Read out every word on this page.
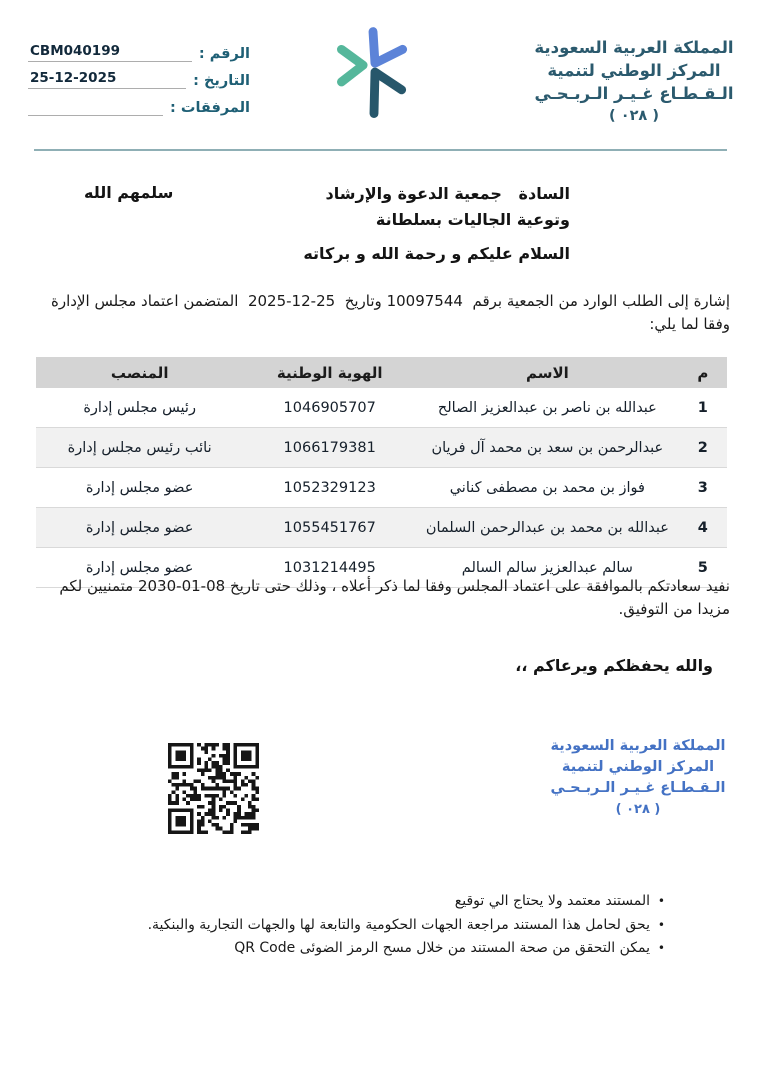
المملكة العربية السعودية
المركز الوطني لتنمية
الـقـطـاع غـيـر الـربـحـي
( ٠٢٨ )
الرقم :
CBM040199
التاريخ :
25-12-2025
المرفقات :
السادة   جمعية الدعوة والإرشاد
وتوعية الجاليات بسلطانة
السلام عليكم و رحمة الله و بركاته
سلمهم الله
إشارة إلى الطلب الوارد من الجمعية برقم  10097544 وتاريخ  25-12-2025  المتضمن اعتماد مجلس الإدارة وفقا لما يلي:
م	الاسم	الهوية الوطنية	المنصب
1	عبدالله بن ناصر بن عبدالعزيز الصالح	1046905707	رئيس مجلس إدارة
2	عبدالرحمن بن سعد بن محمد آل فريان	1066179381	نائب رئيس مجلس إدارة
3	فواز بن محمد بن مصطفى كناني	1052329123	عضو مجلس إدارة
4	عبدالله بن محمد بن عبدالرحمن السلمان	1055451767	عضو مجلس إدارة
5	سالم عبدالعزيز سالم السالم	1031214495	عضو مجلس إدارة
نفيد سعادتكم بالموافقة على اعتماد المجلس وفقا لما ذكر أعلاه ، وذلك حتى تاريخ 08-01-2030 متمنيين لكم مزيدا من التوفيق.
والله يحفظكم ويرعاكم ،،
المملكة العربية السعودية
المركز الوطني لتنمية
الـقـطـاع غـيـر الـربـحـي
( ٠٢٨ )
• المستند معتمد ولا يحتاج الي توقيع
• يحق لحامل هذا المستند مراجعة الجهات الحكومية والتابعة لها والجهات التجارية والبنكية.
• يمكن التحقق من صحة المستند من خلال مسح الرمز الضوئى QR Code
